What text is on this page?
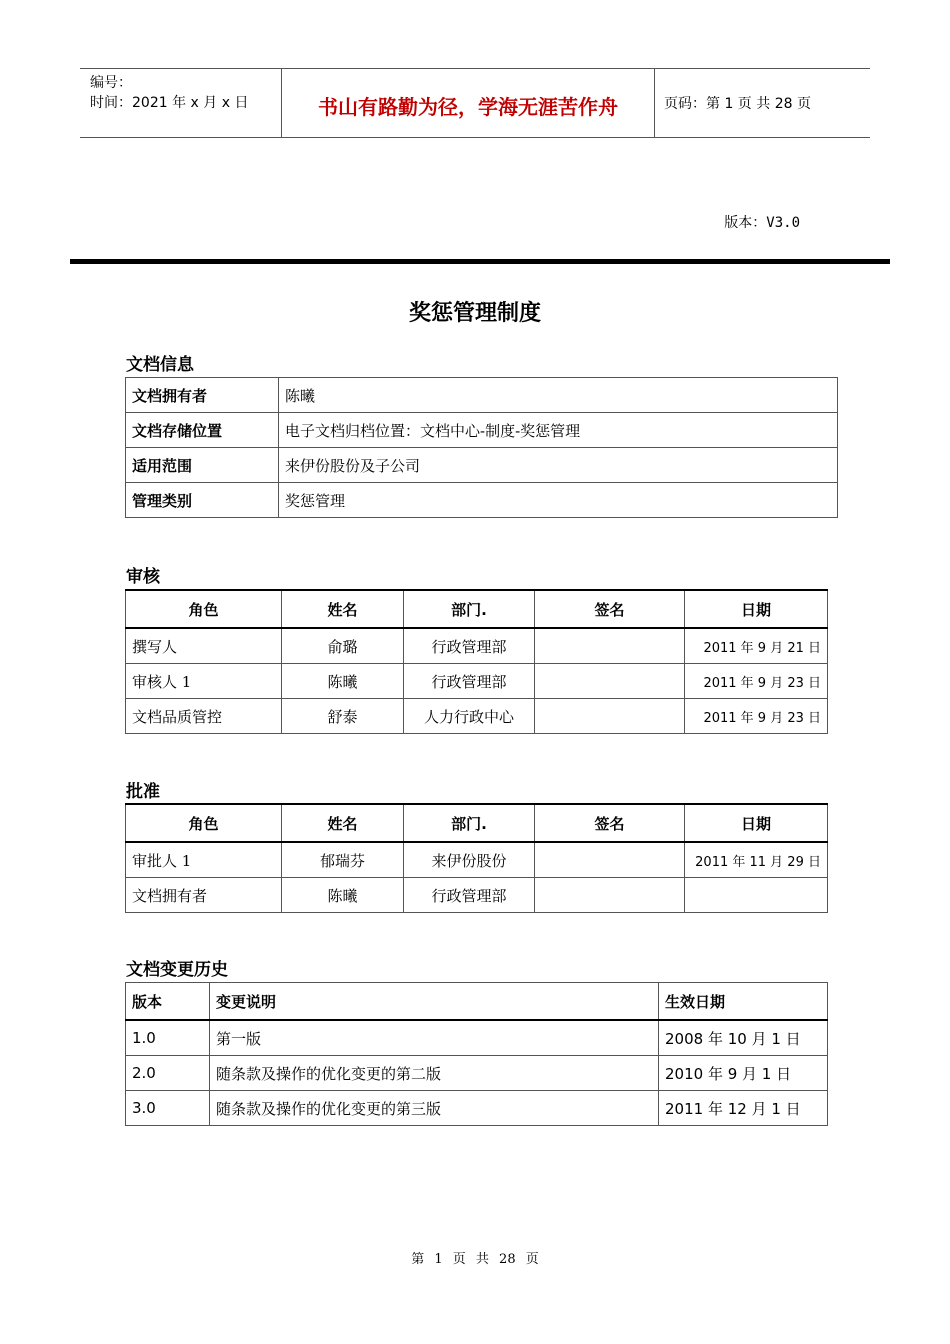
编号：
时间：2021 年 x 月 x 日	书山有路勤为径，学海无涯苦作舟	页码：第 1 页 共 28 页
版本：V3.0
奖惩管理制度
文档信息
文档拥有者	陈曦
文档存储位置	电子文档归档位置：文档中心-制度-奖惩管理
适用范围	来伊份股份及子公司
管理类别	奖惩管理
审核
角色	姓名	部门.	签名	日期
撰写人	俞璐	行政管理部		2011 年 9 月 21 日
审核人 1	陈曦	行政管理部		2011 年 9 月 23 日
文档品质管控	舒泰	人力行政中心		2011 年 9 月 23 日
批准
角色	姓名	部门.	签名	日期
审批人 1	郁瑞芬	来伊份股份		2011 年 11 月 29 日
文档拥有者	陈曦	行政管理部		
文档变更历史
版本	变更说明	生效日期
1.0	第一版	2008 年 10 月 1 日
2.0	随条款及操作的优化变更的第二版	2010 年 9 月 1 日
3.0	随条款及操作的优化变更的第三版	2011 年 12 月 1 日
第 1 页 共 28 页
